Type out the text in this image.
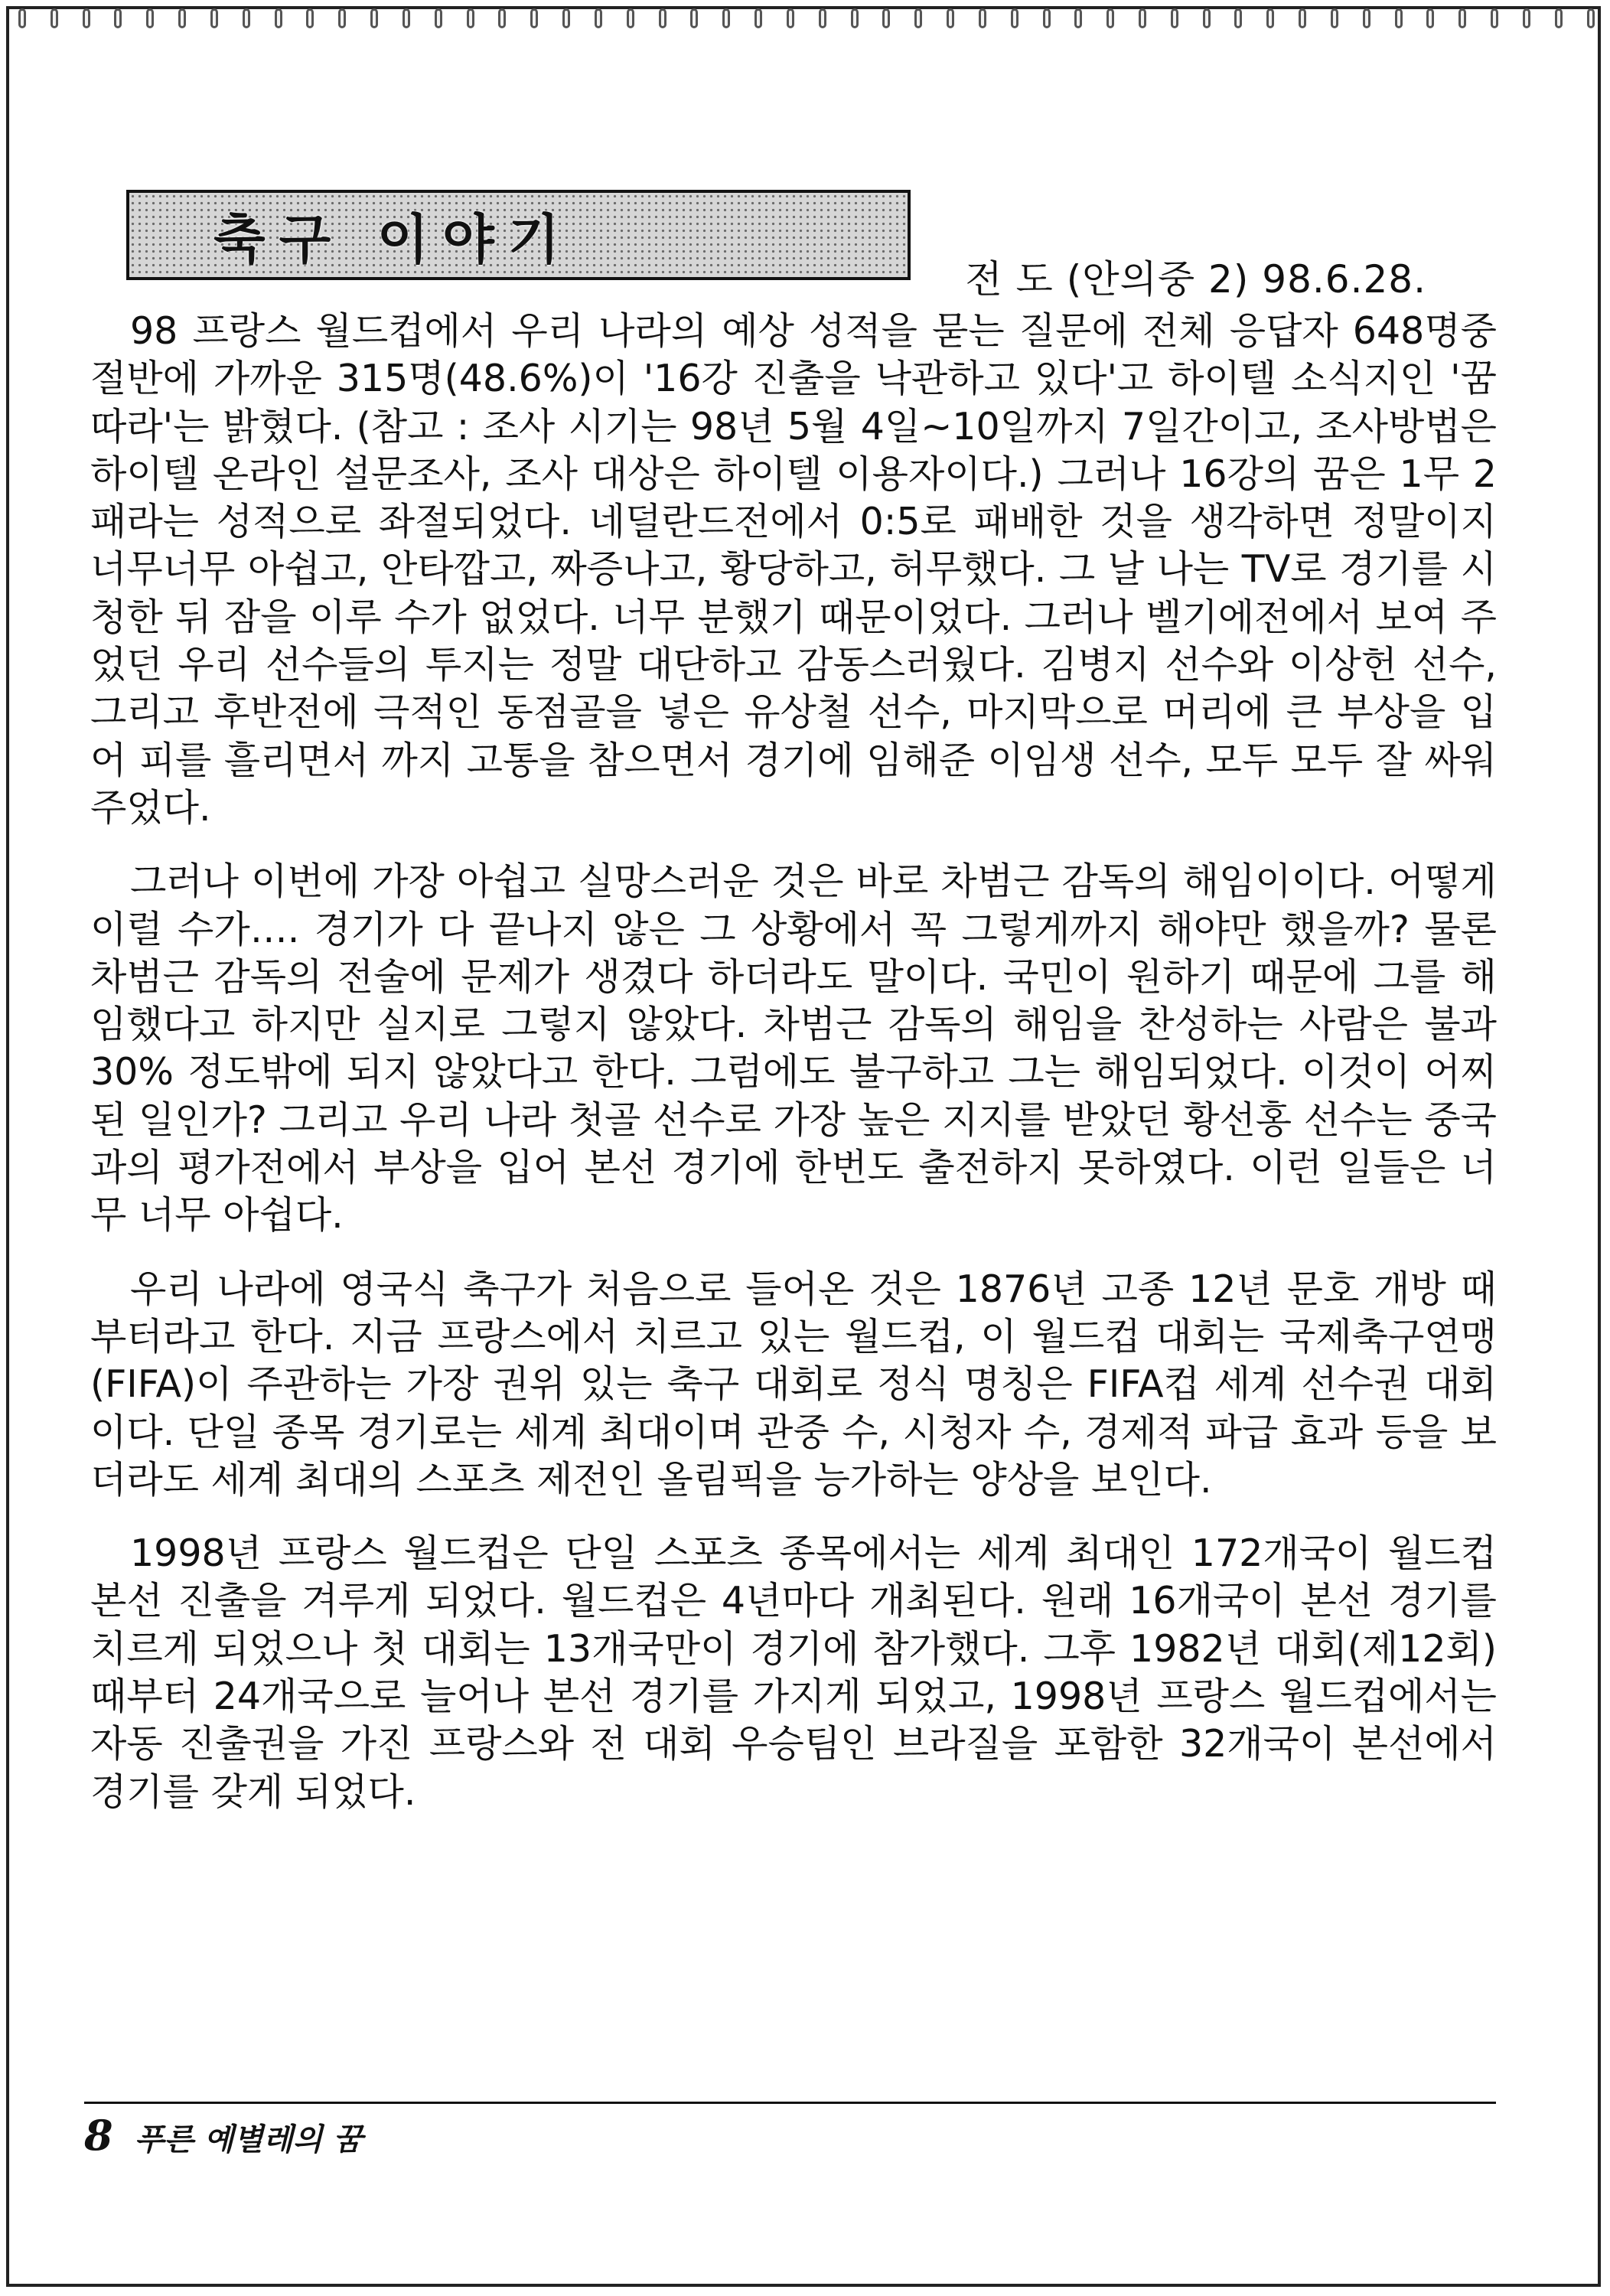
축구 이야기
전 도 (안의중 2) 98.6.28.

98 프랑스 월드컵에서 우리 나라의 예상 성적을 묻는 질문에 전체 응답자 648명중 절반에 가까운 315명(48.6%)이 '16강 진출을 낙관하고 있다'고 하이텔 소식지인 '꿈따라'는 밝혔다. (참고 : 조사 시기는 98년 5월 4일~10일까지 7일간이고, 조사방법은 하이텔 온라인 설문조사, 조사 대상은 하이텔 이용자이다.) 그러나 16강의 꿈은 1무 2패라는 성적으로 좌절되었다. 네덜란드전에서 0:5로 패배한 것을 생각하면 정말이지 너무너무 아쉽고, 안타깝고, 짜증나고, 황당하고, 허무했다. 그 날 나는 TV로 경기를 시청한 뒤 잠을 이루 수가 없었다. 너무 분했기 때문이었다. 그러나 벨기에전에서 보여 주었던 우리 선수들의 투지는 정말 대단하고 감동스러웠다. 김병지 선수와 이상헌 선수, 그리고 후반전에 극적인 동점골을 넣은 유상철 선수, 마지막으로 머리에 큰 부상을 입어 피를 흘리면서 까지 고통을 참으면서 경기에 임해준 이임생 선수, 모두 모두 잘 싸워주었다.

그러나 이번에 가장 아쉽고 실망스러운 것은 바로 차범근 감독의 해임이이다. 어떻게 이럴 수가…. 경기가 다 끝나지 않은 그 상황에서 꼭 그렇게까지 해야만 했을까? 물론 차범근 감독의 전술에 문제가 생겼다 하더라도 말이다. 국민이 원하기 때문에 그를 해임했다고 하지만 실지로 그렇지 않았다. 차범근 감독의 해임을 찬성하는 사람은 불과 30% 정도밖에 되지 않았다고 한다. 그럼에도 불구하고 그는 해임되었다. 이것이 어찌된 일인가? 그리고 우리 나라 첫골 선수로 가장 높은 지지를 받았던 황선홍 선수는 중국과의 평가전에서 부상을 입어 본선 경기에 한번도 출전하지 못하였다. 이런 일들은 너무 너무 아쉽다.

우리 나라에 영국식 축구가 처음으로 들어온 것은 1876년 고종 12년 문호 개방 때부터라고 한다. 지금 프랑스에서 치르고 있는 월드컵, 이 월드컵 대회는 국제축구연맹(FIFA)이 주관하는 가장 권위 있는 축구 대회로 정식 명칭은 FIFA컵 세계 선수권 대회이다. 단일 종목 경기로는 세계 최대이며 관중 수, 시청자 수, 경제적 파급 효과 등을 보더라도 세계 최대의 스포츠 제전인 올림픽을 능가하는 양상을 보인다.

1998년 프랑스 월드컵은 단일 스포츠 종목에서는 세계 최대인 172개국이 월드컵 본선 진출을 겨루게 되었다. 월드컵은 4년마다 개최된다. 원래 16개국이 본선 경기를 치르게 되었으나 첫 대회는 13개국만이 경기에 참가했다. 그후 1982년 대회(제12회) 때부터 24개국으로 늘어나 본선 경기를 가지게 되었고, 1998년 프랑스 월드컵에서는 자동 진출권을 가진 프랑스와 전 대회 우승팀인 브라질을 포함한 32개국이 본선에서 경기를 갖게 되었다.

8 푸른 예별레의 꿈
